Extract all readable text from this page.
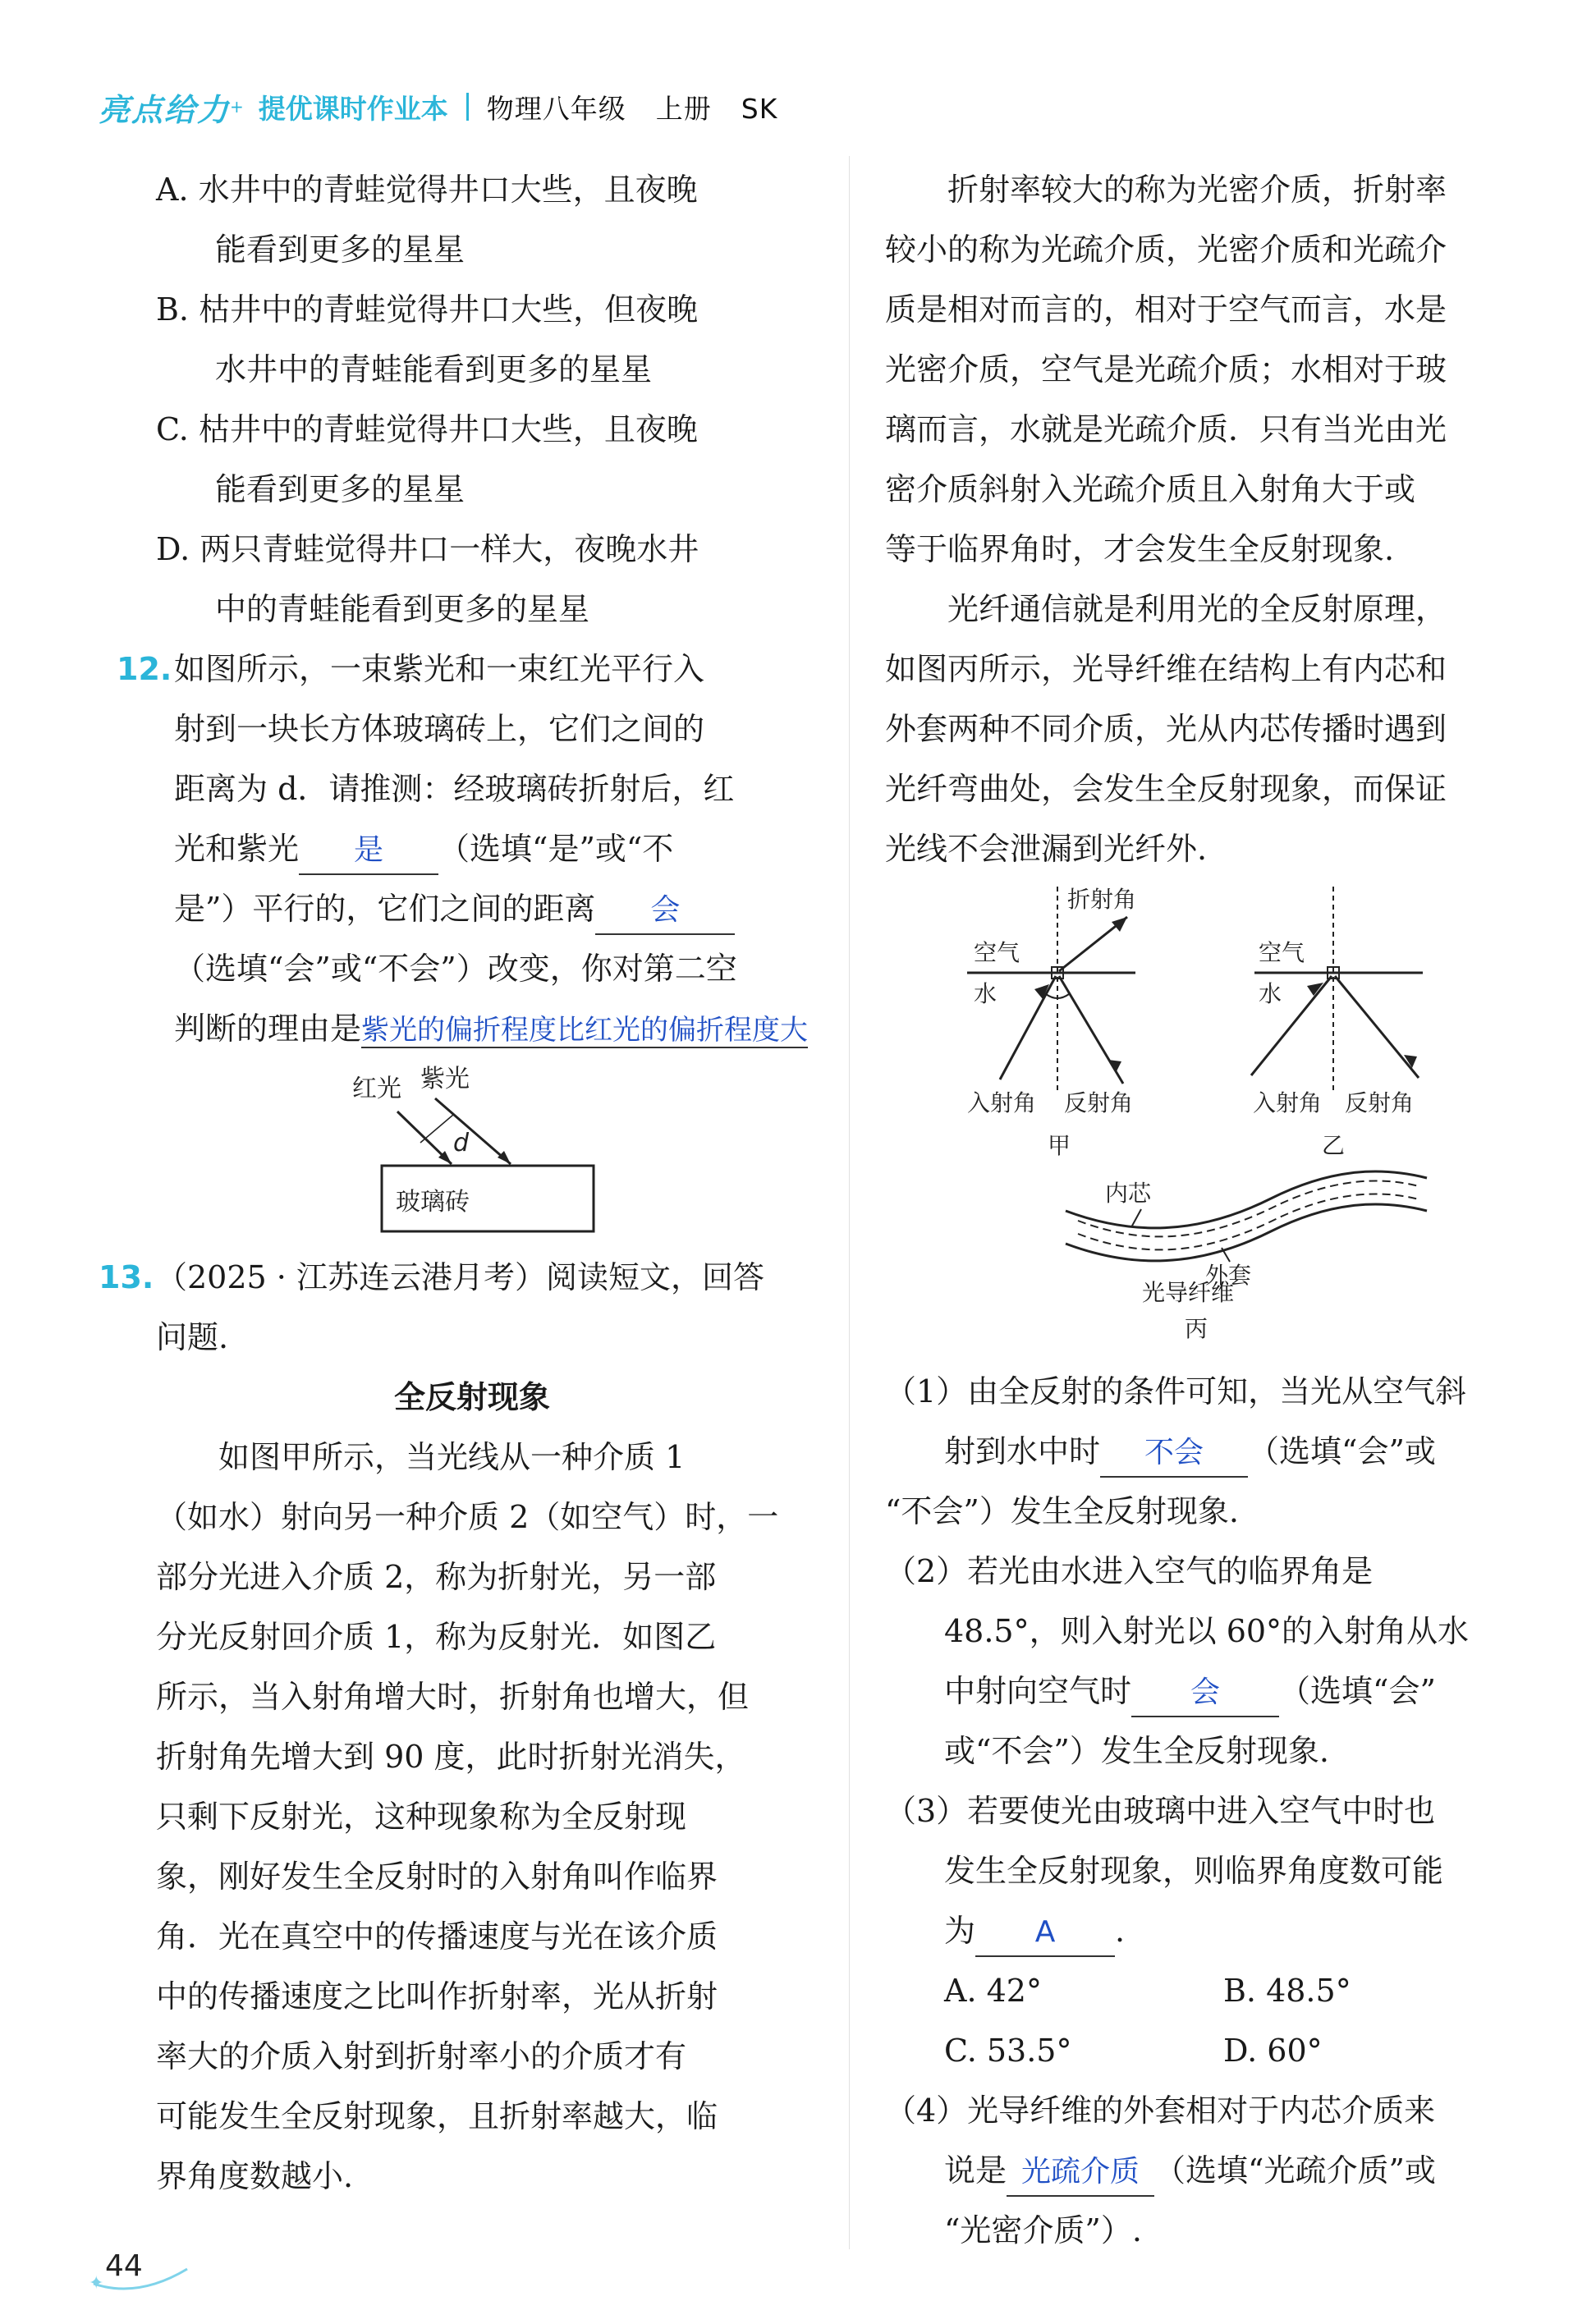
亮点给力 + 提优课时作业本 物理八年级 上册 SK
A. 水井中的青蛙觉得井口大些，且夜晚
能看到更多的星星
B. 枯井中的青蛙觉得井口大些，但夜晚
水井中的青蛙能看到更多的星星
C. 枯井中的青蛙觉得井口大些，且夜晚
能看到更多的星星
D. 两只青蛙觉得井口一样大，夜晚水井
中的青蛙能看到更多的星星
12.如图所示，一束紫光和一束红光平行入
射到一块长方体玻璃砖上，它们之间的
距离为 d．请推测：经玻璃砖折射后，红
光和紫光 是 （选填“是”或“不
是”）平行的，它们之间的距离 会
（选填“会”或“不会”）改变，你对第二空
判断的理由是紫光的偏折程度比红光的偏折程度大
红光 紫光
d
玻璃砖
13.（2025 · 江苏连云港月考）阅读短文，回答
问题.
全反射现象
如图甲所示，当光线从一种介质 1
（如水）射向另一种介质 2（如空气）时，一
部分光进入介质 2，称为折射光，另一部
分光反射回介质 1，称为反射光．如图乙
所示，当入射角增大时，折射角也增大，但
折射角先增大到 90 度，此时折射光消失，
只剩下反射光，这种现象称为全反射现
象，刚好发生全反射时的入射角叫作临界
角．光在真空中的传播速度与光在该介质
中的传播速度之比叫作折射率，光从折射
率大的介质入射到折射率小的介质才有
可能发生全反射现象，且折射率越大，临
界角度数越小.
折射率较大的称为光密介质，折射率
较小的称为光疏介质，光密介质和光疏介
质是相对而言的，相对于空气而言，水是
光密介质，空气是光疏介质；水相对于玻
璃而言，水就是光疏介质．只有当光由光
密介质斜射入光疏介质且入射角大于或
等于临界角时，才会发生全反射现象.
光纤通信就是利用光的全反射原理，
如图丙所示，光导纤维在结构上有内芯和
外套两种不同介质，光从内芯传播时遇到
光纤弯曲处，会发生全反射现象，而保证
光线不会泄漏到光纤外.
折射角
空气
水
入射角 反射角
甲
空气
水
入射角 反射角
乙
内芯
外套
光导纤维
丙
（1）由全反射的条件可知，当光从空气斜
射到水中时 不会 （选填“会”或
“不会”）发生全反射现象.
（2）若光由水进入空气的临界角是
48.5°，则入射光以 60°的入射角从水
中射向空气时 会 （选填“会”
或“不会”）发生全反射现象.
（3）若要使光由玻璃中进入空气中时也
发生全反射现象，则临界角度数可能
为 A .
A. 42°	B. 48.5°
C. 53.5°	D. 60°
（4）光导纤维的外套相对于内芯介质来
说是 光疏介质 （选填“光疏介质”或
“光密介质”）.
✦
44
